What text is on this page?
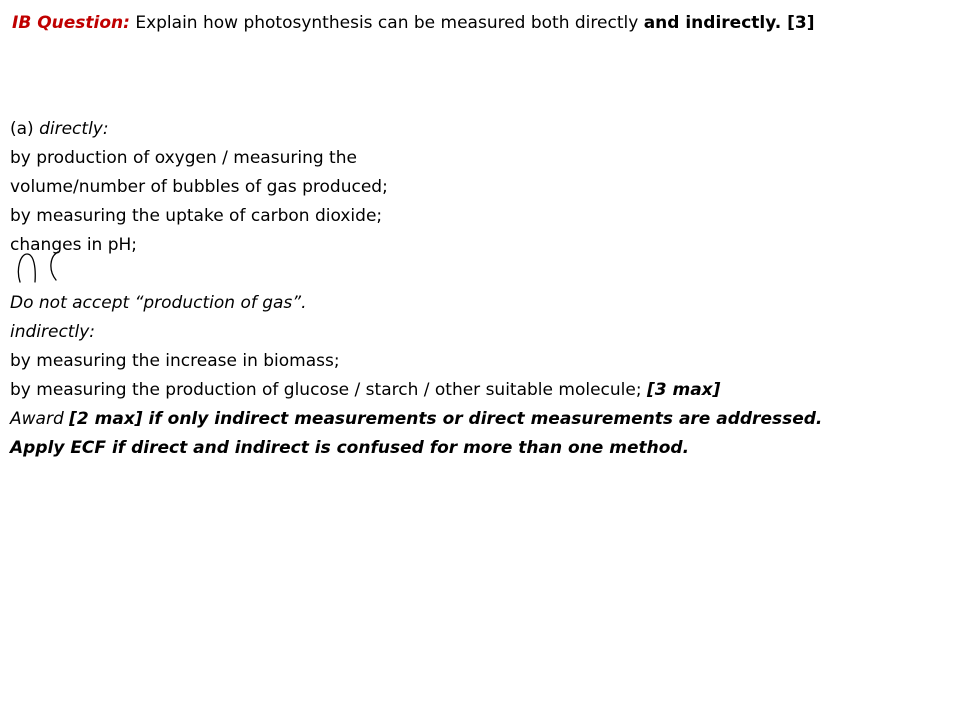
IB Question: Explain how photosynthesis can be measured both directly and indirectly. [3]
(a) directly:
by production of oxygen / measuring the
volume/number of bubbles of gas produced;
by measuring the uptake of carbon dioxide;
changes in pH;
Do not accept “production of gas”.
indirectly:
by measuring the increase in biomass;
by measuring the production of glucose / starch / other suitable molecule; [3 max]
Award [2 max] if only indirect measurements or direct measurements are addressed.
Apply ECF if direct and indirect is confused for more than one method.
